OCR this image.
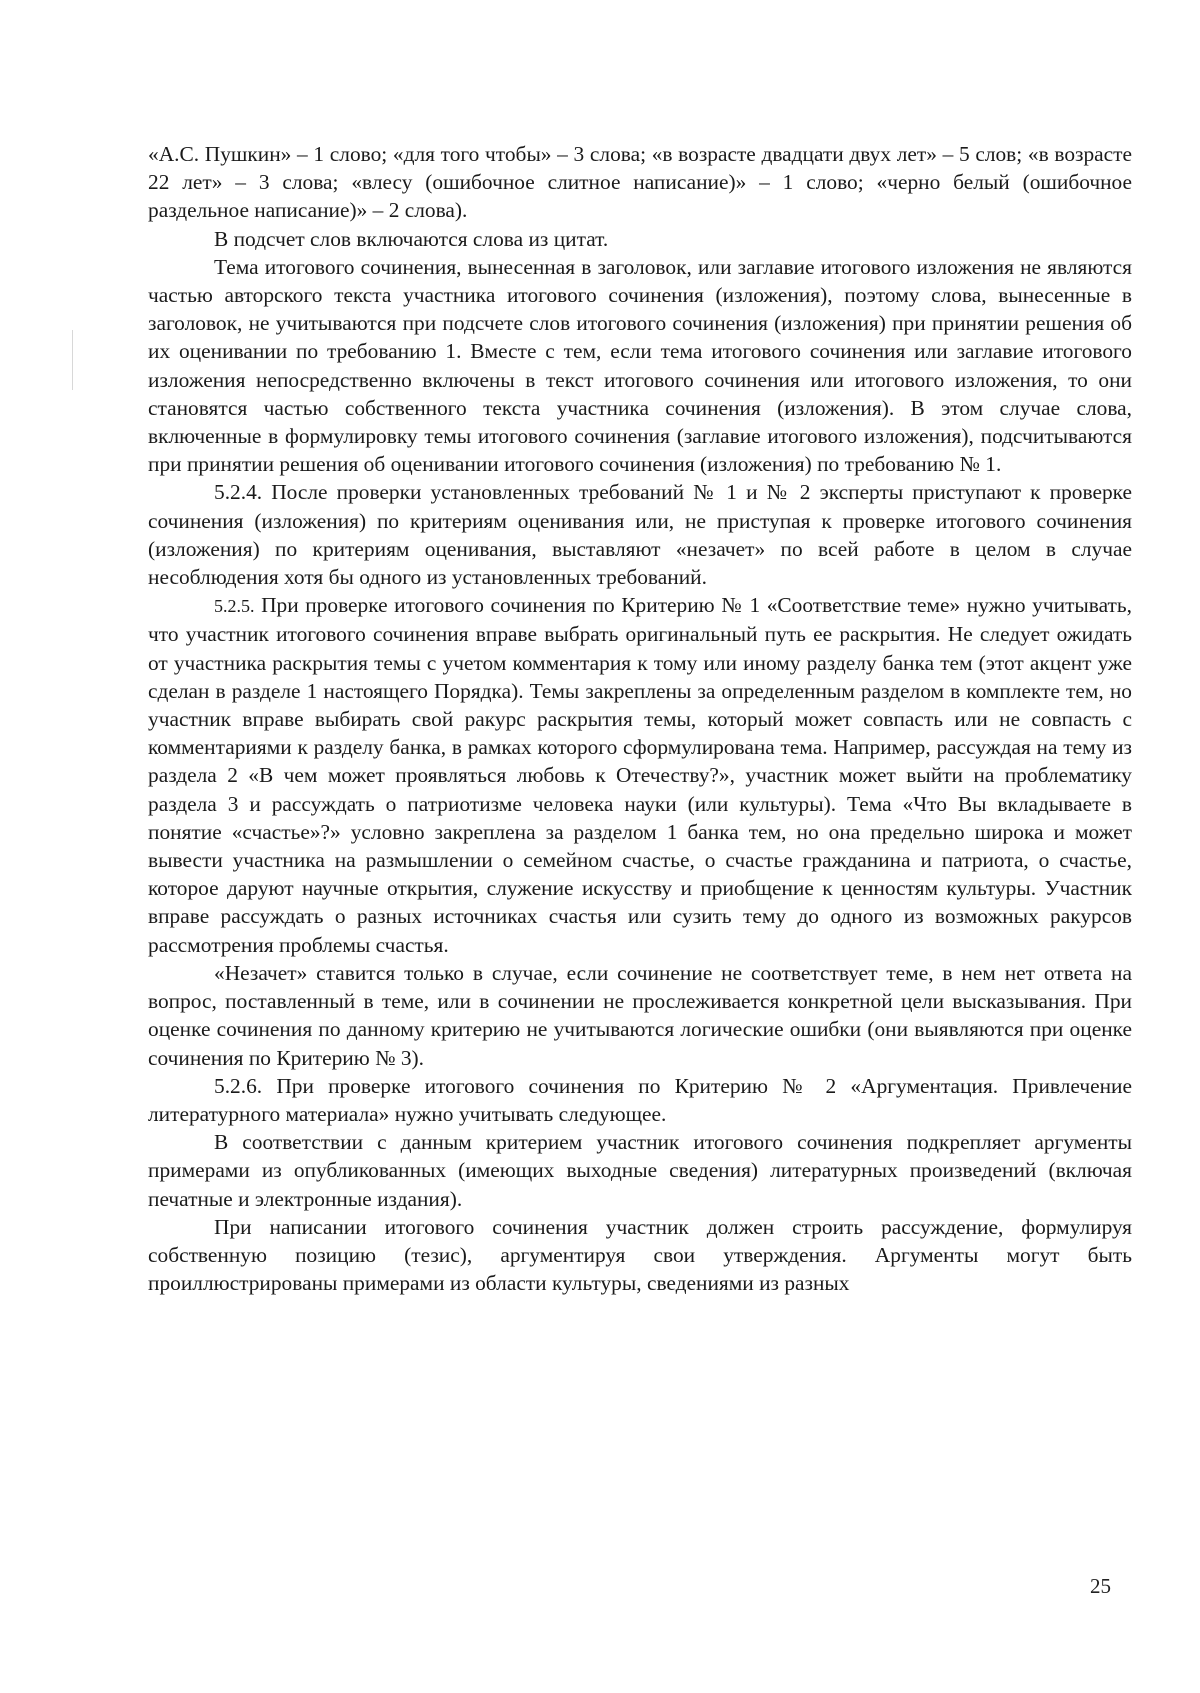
«А.С. Пушкин» – 1 слово; «для того чтобы» – 3 слова; «в возрасте двадцати двух лет» – 5 слов; «в возрасте 22 лет» – 3 слова; «влесу (ошибочное слитное написание)» – 1 слово; «черно белый (ошибочное раздельное написание)» – 2 слова).

В подсчет слов включаются слова из цитат.

Тема итогового сочинения, вынесенная в заголовок, или заглавие итогового изложения не являются частью авторского текста участника итогового сочинения (изложения), поэтому слова, вынесенные в заголовок, не учитываются при подсчете слов итогового сочинения (изложения) при принятии решения об их оценивании по требованию 1. Вместе с тем, если тема итогового сочинения или заглавие итогового изложения непосредственно включены в текст итогового сочинения или итогового изложения, то они становятся частью собственного текста участника сочинения (изложения). В этом случае слова, включенные в формулировку темы итогового сочинения (заглавие итогового изложения), подсчитываются при принятии решения об оценивании итогового сочинения (изложения) по требованию № 1.

5.2.4. После проверки установленных требований № 1 и № 2 эксперты приступают к проверке сочинения (изложения) по критериям оценивания или, не приступая к проверке итогового сочинения (изложения) по критериям оценивания, выставляют «незачет» по всей работе в целом в случае несоблюдения хотя бы одного из установленных требований.

5.2.5. При проверке итогового сочинения по Критерию № 1 «Соответствие теме» нужно учитывать, что участник итогового сочинения вправе выбрать оригинальный путь ее раскрытия. Не следует ожидать от участника раскрытия темы с учетом комментария к тому или иному разделу банка тем (этот акцент уже сделан в разделе 1 настоящего Порядка). Темы закреплены за определенным разделом в комплекте тем, но участник вправе выбирать свой ракурс раскрытия темы, который может совпасть или не совпасть с комментариями к разделу банка, в рамках которого сформулирована тема. Например, рассуждая на тему из раздела 2 «В чем может проявляться любовь к Отечеству?», участник может выйти на проблематику раздела 3 и рассуждать о патриотизме человека науки (или культуры). Тема «Что Вы вкладываете в понятие «счастье»?» условно закреплена за разделом 1 банка тем, но она предельно широка и может вывести участника на размышлении о семейном счастье, о счастье гражданина и патриота, о счастье, которое даруют научные открытия, служение искусству и приобщение к ценностям культуры. Участник вправе рассуждать о разных источниках счастья или сузить тему до одного из возможных ракурсов рассмотрения проблемы счастья.

«Незачет» ставится только в случае, если сочинение не соответствует теме, в нем нет ответа на вопрос, поставленный в теме, или в сочинении не прослеживается конкретной цели высказывания. При оценке сочинения по данному критерию не учитываются логические ошибки (они выявляются при оценке сочинения по Критерию № 3).

5.2.6. При проверке итогового сочинения по Критерию № 2 «Аргументация. Привлечение литературного материала» нужно учитывать следующее.

В соответствии с данным критерием участник итогового сочинения подкрепляет аргументы примерами из опубликованных (имеющих выходные сведения) литературных произведений (включая печатные и электронные издания).

При написании итогового сочинения участник должен строить рассуждение, формулируя собственную позицию (тезис), аргументируя свои утверждения. Аргументы могут быть проиллюстрированы примерами из области культуры, сведениями из разных

25
